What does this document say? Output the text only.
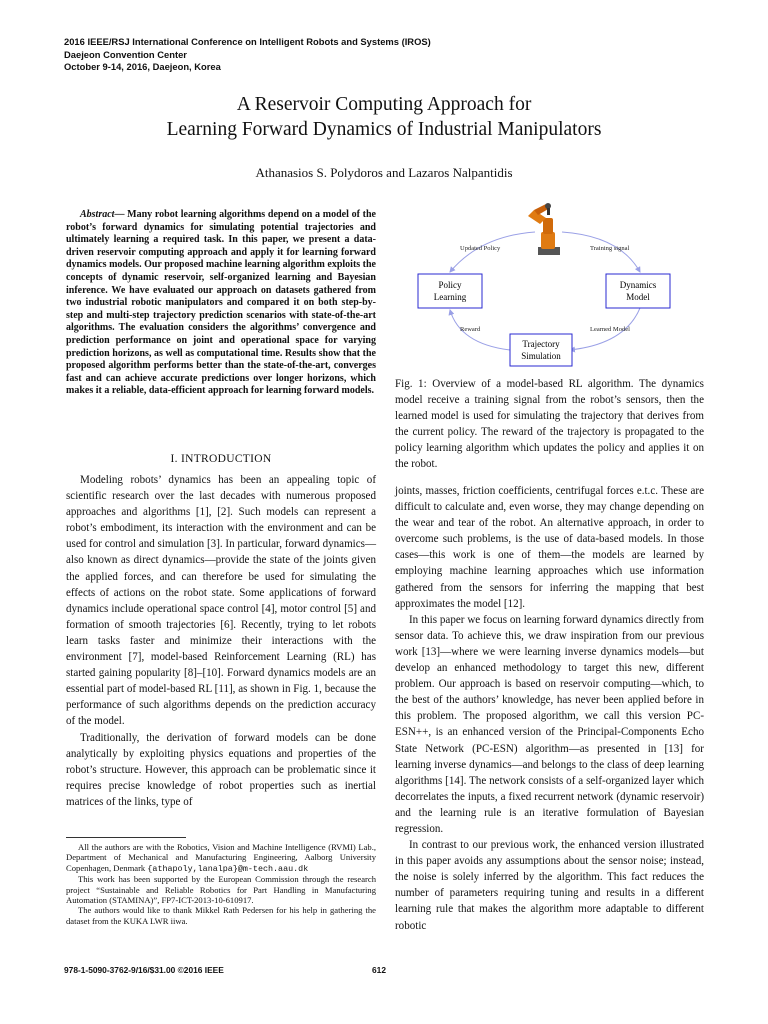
2016 IEEE/RSJ International Conference on Intelligent Robots and Systems (IROS)
Daejeon Convention Center
October 9-14, 2016, Daejeon, Korea
A Reservoir Computing Approach for
Learning Forward Dynamics of Industrial Manipulators
Athanasios S. Polydoros and Lazaros Nalpantidis
Abstract— Many robot learning algorithms depend on a model of the robot’s forward dynamics for simulating potential trajectories and ultimately learning a required task. In this paper, we present a data-driven reservoir computing approach and apply it for learning forward dynamics models. Our proposed machine learning algorithm exploits the concepts of dynamic reservoir, self-organized learning and Bayesian inference. We have evaluated our approach on datasets gathered from two industrial robotic manipulators and compared it on both step-by-step and multi-step trajectory prediction scenarios with state-of-the-art algorithms. The evaluation considers the algorithms’ convergence and prediction performance on joint and operational space for varying prediction horizons, as well as computational time. Results show that the proposed algorithm performs better than the state-of-the-art, converges fast and can achieve accurate predictions over longer horizons, which makes it a reliable, data-efficient approach for learning forward models.
I. INTRODUCTION

Modeling robots’ dynamics has been an appealing topic of scientific research over the last decades with numerous proposed approaches and algorithms [1], [2]. Such models can represent a robot’s embodiment, its interaction with the environment and can be used for control and simulation [3]. In particular, forward dynamics—also known as direct dynamics—provide the state of the joints given the applied forces, and can therefore be used for simulating the effects of actions on the robot state. Some applications of forward dynamics include operational space control [4], motor control [5] and formation of smooth trajectories [6]. Recently, trying to let robots learn tasks faster and minimize their interactions with the environment [7], model-based Reinforcement Learning (RL) has started gaining popularity [8]–[10]. Forward dynamics models are an essential part of model-based RL [11], as shown in Fig. 1, because the performance of such algorithms depends on the prediction accuracy of the model.

Traditionally, the derivation of forward models can be done analytically by exploiting physics equations and properties of the robot’s structure. However, this approach can be problematic since it requires precise knowledge of robot properties such as inertial matrices of the links, type of

All the authors are with the Robotics, Vision and Machine Intelligence (RVMI) Lab., Department of Mechanical and Manufacturing Engineering, Aalborg University Copenhagen, Denmark {athapoly,lanalpa}@m-tech.aau.dk

This work has been supported by the European Commission through the research project “Sustainable and Reliable Robotics for Part Handling in Manufacturing Automation (STAMINA)”, FP7-ICT-2013-10-610917.

The authors would like to thank Mikkel Rath Pedersen for his help in gathering the dataset from the KUKA LWR iiwa.

Updated Policy	Training signal
Reward	Learned Model
Policy
Learning
Dynamics
Model
Trajectory
Simulation
Fig. 1: Overview of a model-based RL algorithm. The dynamics model receive a training signal from the robot’s sensors, then the learned model is used for simulating the trajectory that derives from the current policy. The reward of the trajectory is propagated to the policy learning algorithm which updates the policy and applies it on the robot.

joints, masses, friction coefficients, centrifugal forces e.t.c. These are difficult to calculate and, even worse, they may change depending on the wear and tear of the robot. An alternative approach, in order to overcome such problems, is the use of data-based models. In those cases—this work is one of them—the models are learned by employing machine learning approaches which use information gathered from the sensors for inferring the mapping that best approximates the model [12].

In this paper we focus on learning forward dynamics directly from sensor data. To achieve this, we draw inspiration from our previous work [13]—where we were learning inverse dynamics models—but develop an enhanced methodology to target this new, different problem. Our approach is based on reservoir computing—which, to the best of the authors’ knowledge, has never been applied before in this problem. The proposed algorithm, we call this version PC-ESN++, is an enhanced version of the Principal-Components Echo State Network (PC-ESN) algorithm—as presented in [13] for learning inverse dynamics—and belongs to the class of deep learning algorithms [14]. The network consists of a self-organized layer which decorrelates the inputs, a fixed recurrent network (dynamic reservoir) and the learning rule is an iterative formulation of Bayesian regression.

In contrast to our previous work, the enhanced version illustrated in this paper avoids any assumptions about the sensor noise; instead, the noise is solely inferred by the algorithm. This fact reduces the number of parameters requiring tuning and results in a different learning rule that makes the algorithm more adaptable to different robotic

978-1-5090-3762-9/16/$31.00 ©2016 IEEE	612
